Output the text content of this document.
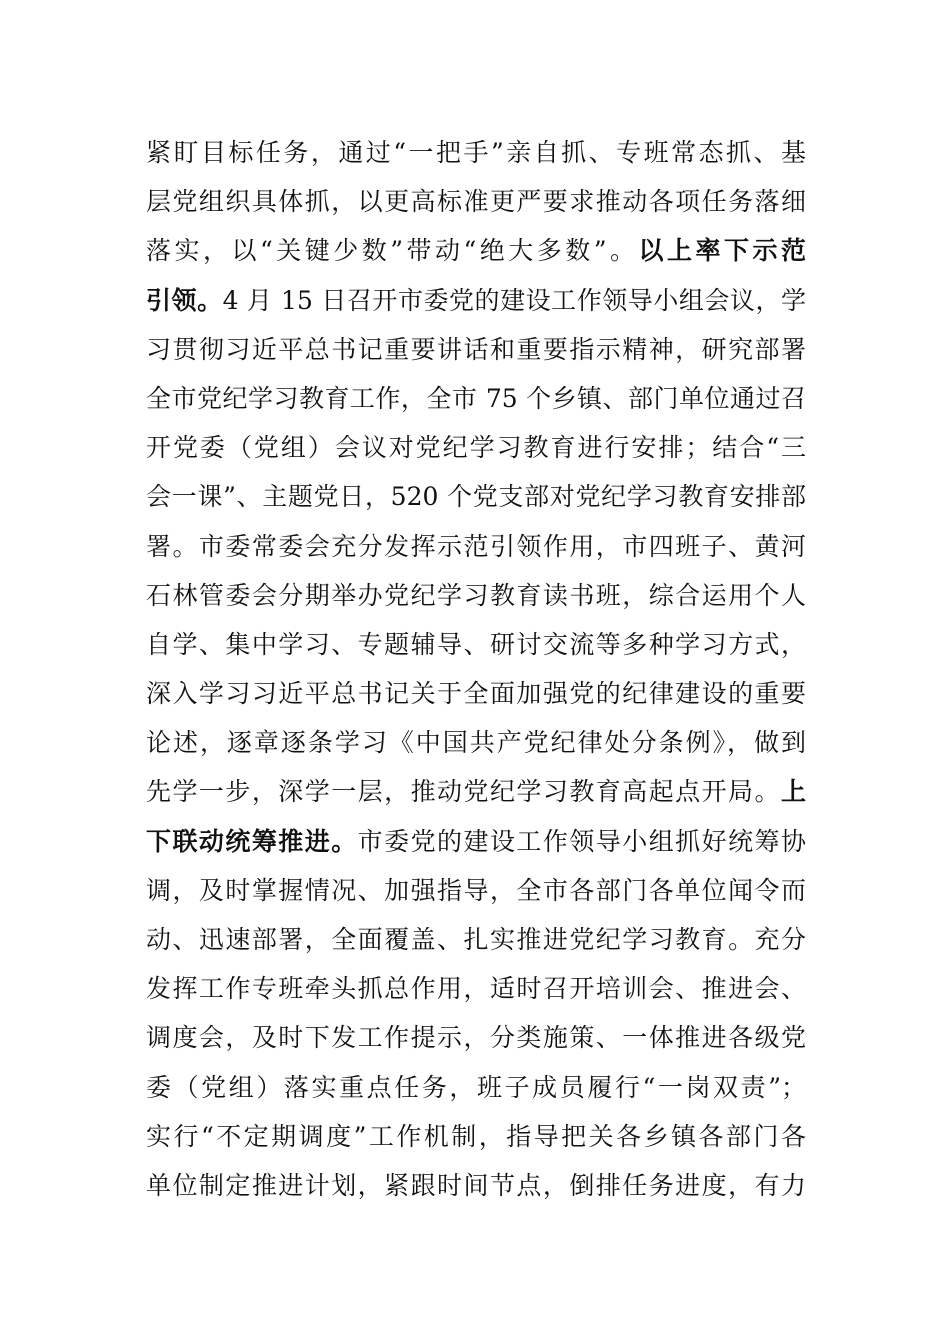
紧盯目标任务，通过“一把手”亲自抓、专班常态抓、基
层党组织具体抓，以更高标准更严要求推动各项任务落细
落实，以“关键少数”带动“绝大多数”。以上率下示范
引领。4 月 15 日召开市委党的建设工作领导小组会议，学
习贯彻习近平总书记重要讲话和重要指示精神，研究部署
全市党纪学习教育工作，全市 75 个乡镇、部门单位通过召
开党委（党组）会议对党纪学习教育进行安排；结合“三
会一课”、主题党日，520 个党支部对党纪学习教育安排部
署。市委常委会充分发挥示范引领作用，市四班子、黄河
石林管委会分期举办党纪学习教育读书班，综合运用个人
自学、集中学习、专题辅导、研讨交流等多种学习方式，
深入学习习近平总书记关于全面加强党的纪律建设的重要
论述，逐章逐条学习《中国共产党纪律处分条例》，做到
先学一步，深学一层，推动党纪学习教育高起点开局。上
下联动统筹推进。市委党的建设工作领导小组抓好统筹协
调，及时掌握情况、加强指导，全市各部门各单位闻令而
动、迅速部署，全面覆盖、扎实推进党纪学习教育。充分
发挥工作专班牵头抓总作用，适时召开培训会、推进会、
调度会，及时下发工作提示，分类施策、一体推进各级党
委（党组）落实重点任务，班子成员履行“一岗双责”；
实行“不定期调度”工作机制，指导把关各乡镇各部门各
单位制定推进计划，紧跟时间节点，倒排任务进度，有力
